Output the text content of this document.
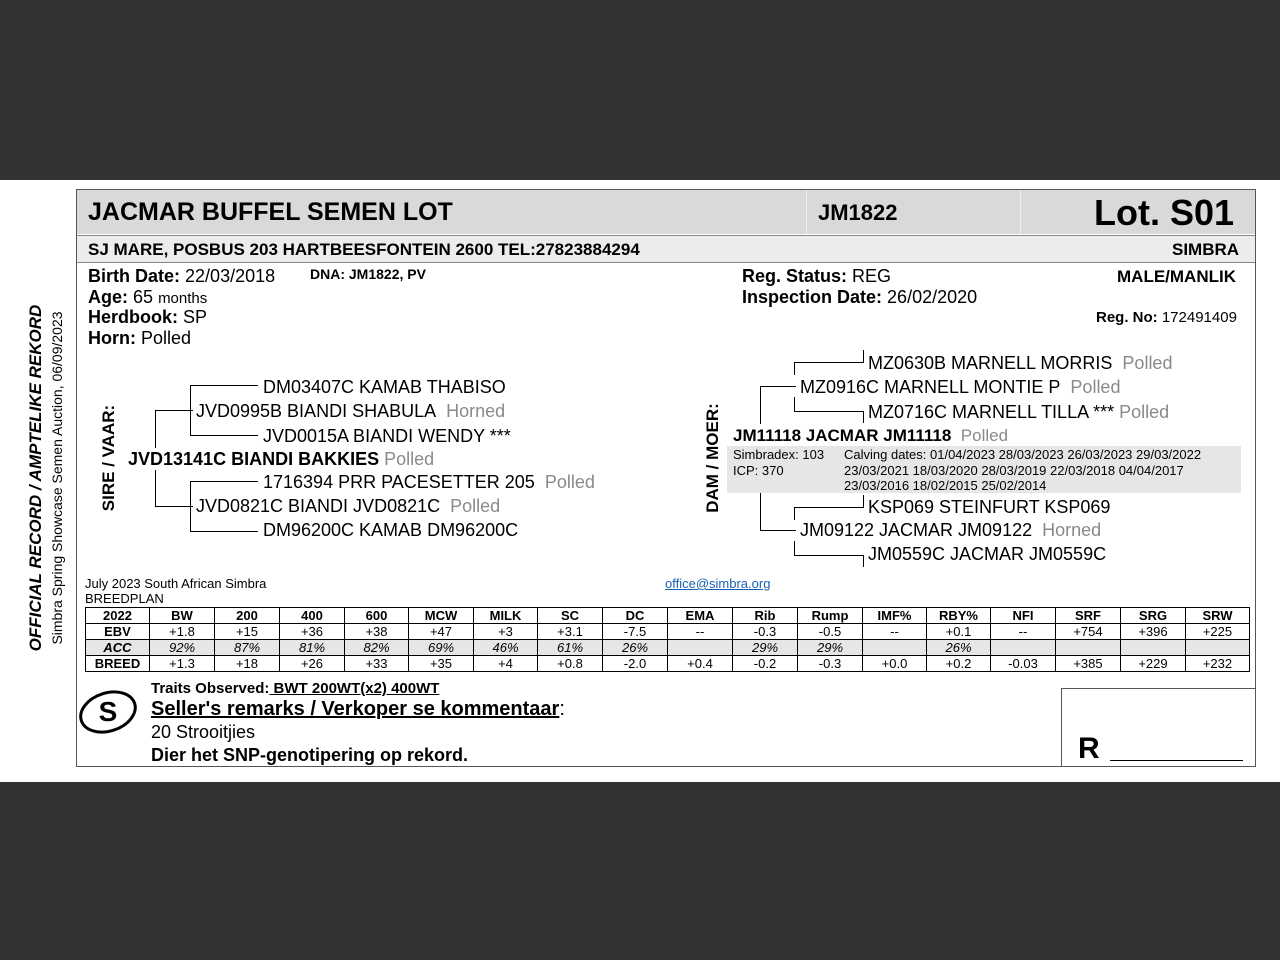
OFFICIAL RECORD / AMPTELIKE REKORD Simbra Spring Showcase Semen Auction, 06/09/2023
JACMAR BUFFEL SEMEN LOT	JM1822	Lot. S01
SJ MARE, POSBUS 203 HARTBEESFONTEIN 2600 TEL:27823884294	SIMBRA
Birth Date: 22/03/2018 DNA: JM1822, PV
Age: 65 months
Herdbook: SP
Horn: Polled
Reg. Status: REG
Inspection Date: 26/02/2020
MALE/MANLIK
Reg. No: 172491409
SIRE / VAAR:
DM03407C KAMAB THABISO
JVD0995B BIANDI SHABULA Horned
JVD0015A BIANDI WENDY ***
JVD13141C BIANDI BAKKIES Polled
1716394 PRR PACESETTER 205 Polled
JVD0821C BIANDI JVD0821C Polled
DM96200C KAMAB DM96200C
DAM / MOER:
MZ0630B MARNELL MORRIS Polled
MZ0916C MARNELL MONTIE P Polled
MZ0716C MARNELL TILLA *** Polled
JM11118 JACMAR JM11118 Polled
Simbradex: 103
ICP: 370
Calving dates: 01/04/2023 28/03/2023 26/03/2023 29/03/2022
23/03/2021 18/03/2020 28/03/2019 22/03/2018 04/04/2017
23/03/2016 18/02/2015 25/02/2014
KSP069 STEINFURT KSP069
JM09122 JACMAR JM09122 Horned
JM0559C JACMAR JM0559C
July 2023 South African Simbra
BREEDPLAN
office@simbra.org
2022	BW	200	400	600	MCW	MILK	SC	DC	EMA	Rib	Rump	IMF%	RBY%	NFI	SRF	SRG	SRW
EBV	+1.8	+15	+36	+38	+47	+3	+3.1	-7.5	--	-0.3	-0.5	--	+0.1	--	+754	+396	+225
ACC	92%	87%	81%	82%	69%	46%	61%	26%		29%	29%		26%				
BREED	+1.3	+18	+26	+33	+35	+4	+0.8	-2.0	+0.4	-0.2	-0.3	+0.0	+0.2	-0.03	+385	+229	+232
S
Traits Observed: BWT 200WT(x2) 400WT
Seller's remarks / Verkoper se kommentaar:
20 Strooitjies
Dier het SNP-genotipering op rekord.	R
